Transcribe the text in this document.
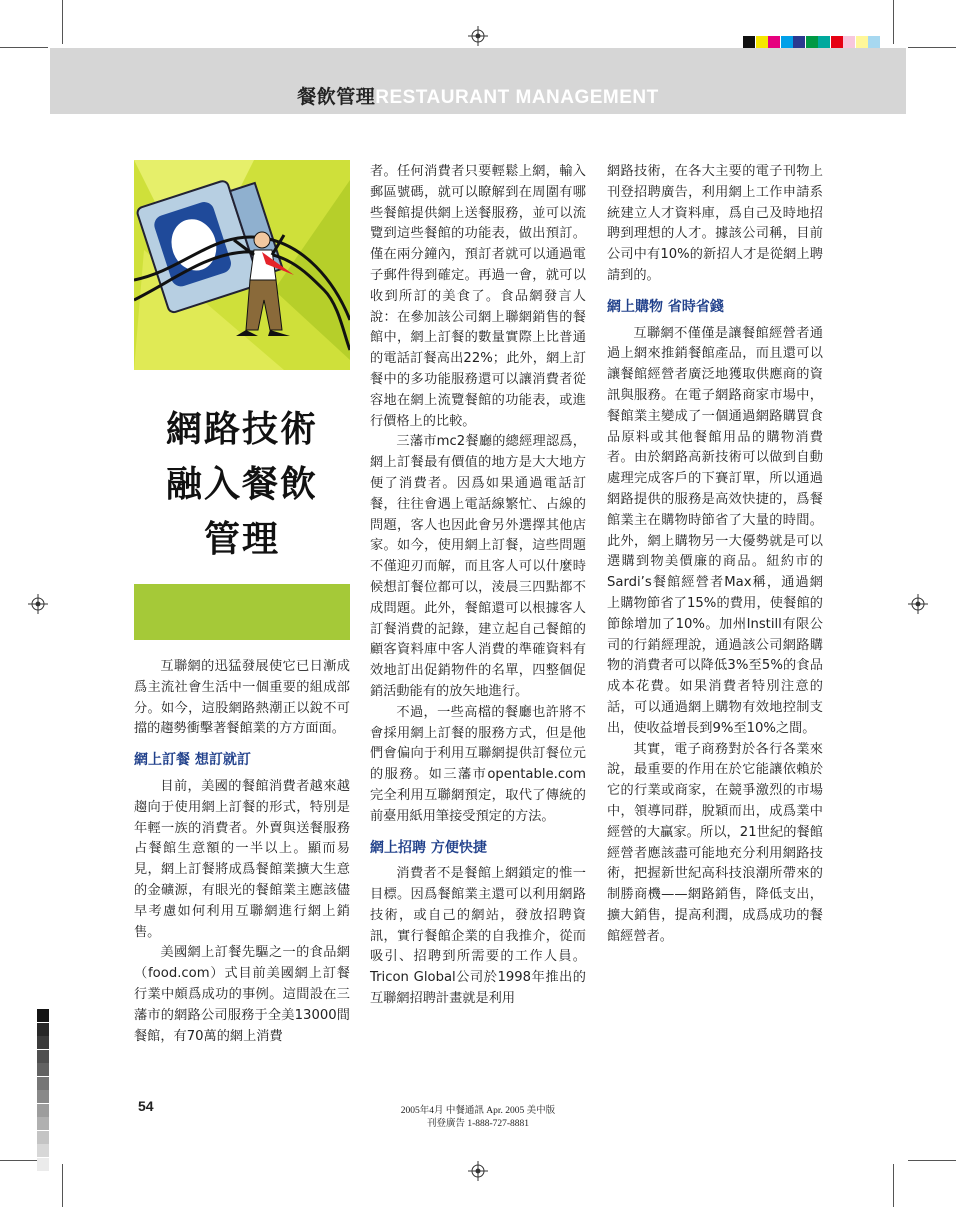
餐飲管理RESTAURANT MANAGEMENT
網路技術
融入餐飲
管理

互聯網的迅猛發展使它已日漸成爲主流社會生活中一個重要的組成部分。如今，這股網路熱潮正以銳不可擋的趨勢衝擊著餐館業的方方面面。

網上訂餐 想訂就訂

目前，美國的餐館消費者越來越趨向于使用網上訂餐的形式，特別是年輕一族的消費者。外賣與送餐服務占餐館生意額的一半以上。顯而易見，網上訂餐將成爲餐館業擴大生意的金礦源，有眼光的餐館業主應該儘早考慮如何利用互聯網進行網上銷售。

美國網上訂餐先驅之一的食品網（food.com）式目前美國網上訂餐行業中頗爲成功的事例。這間設在三藩市的網路公司服務于全美13000間餐館，有70萬的網上消費

者。任何消費者只要輕鬆上網，輸入郵區號碼，就可以瞭解到在周圍有哪些餐館提供網上送餐服務，並可以流覽到這些餐館的功能表，做出預訂。僅在兩分鐘內，預訂者就可以通過電子郵件得到確定。再過一會，就可以收到所訂的美食了。食品網發言人說：在參加該公司網上聯網銷售的餐館中，網上訂餐的數量實際上比普通的電話訂餐高出22%；此外，網上訂餐中的多功能服務還可以讓消費者從容地在網上流覽餐館的功能表，或進行價格上的比較。

三藩市mc2餐廳的總經理認爲，網上訂餐最有價值的地方是大大地方便了消費者。因爲如果通過電話訂餐，往往會遇上電話線繁忙、占線的問題，客人也因此會另外選擇其他店家。如今，使用網上訂餐，這些問題不僅迎刃而解，而且客人可以什麼時候想訂餐位都可以，淩晨三四點都不成問題。此外，餐館還可以根據客人訂餐消費的記錄，建立起自己餐館的顧客資料庫中客人消費的準確資料有效地訂出促銷物件的名單，四整個促銷活動能有的放矢地進行。

不過，一些高檔的餐廳也許將不會採用網上訂餐的服務方式，但是他們會偏向于利用互聯網提供訂餐位元的服務。如三藩市opentable.com完全利用互聯網預定，取代了傳統的前臺用紙用筆接受預定的方法。

網上招聘 方便快捷

消費者不是餐館上網鎖定的惟一目標。因爲餐館業主還可以利用網路技術，或自己的網站，發放招聘資訊，實行餐館企業的自我推介，從而吸引、招聘到所需要的工作人員。Tricon Global公司於1998年推出的互聯網招聘計畫就是利用

網路技術，在各大主要的電子刊物上刊登招聘廣告，利用網上工作申請系統建立人才資料庫，爲自己及時地招聘到理想的人才。據該公司稱，目前公司中有10%的新招人才是從網上聘請到的。

網上購物 省時省錢

互聯網不僅僅是讓餐館經營者通過上網來推銷餐館產品，而且還可以讓餐館經營者廣泛地獲取供應商的資訊與服務。在電子網路商家市場中，餐館業主變成了一個通過網路購買食品原料或其他餐館用品的購物消費者。由於網路高新技術可以做到自動處理完成客戶的下賽訂單，所以通過網路提供的服務是高效快捷的，爲餐館業主在購物時節省了大量的時間。此外，網上購物另一大優勢就是可以選購到物美價廉的商品。紐約市的Sardi’s餐館經營者Max稱，通過網上購物節省了15%的費用，使餐館的節餘增加了10%。加州Instill有限公司的行銷經理說，通過該公司網路購物的消費者可以降低3%至5%的食品成本花費。如果消費者特別注意的話，可以通過網上購物有效地控制支出，使收益增長到9%至10%之間。

其實，電子商務對於各行各業來說，最重要的作用在於它能讓依賴於它的行業或商家，在競爭激烈的市場中，領導同群，脫穎而出，成爲業中經營的大贏家。所以，21世紀的餐館經營者應該盡可能地充分利用網路技術，把握新世紀高科技浪潮所帶來的制勝商機——網路銷售，降低支出，擴大銷售，提高利潤，成爲成功的餐館經營者。

54	2005年4月 中餐通訊 Apr. 2005 美中版
刊登廣告 1-888-727-8881
